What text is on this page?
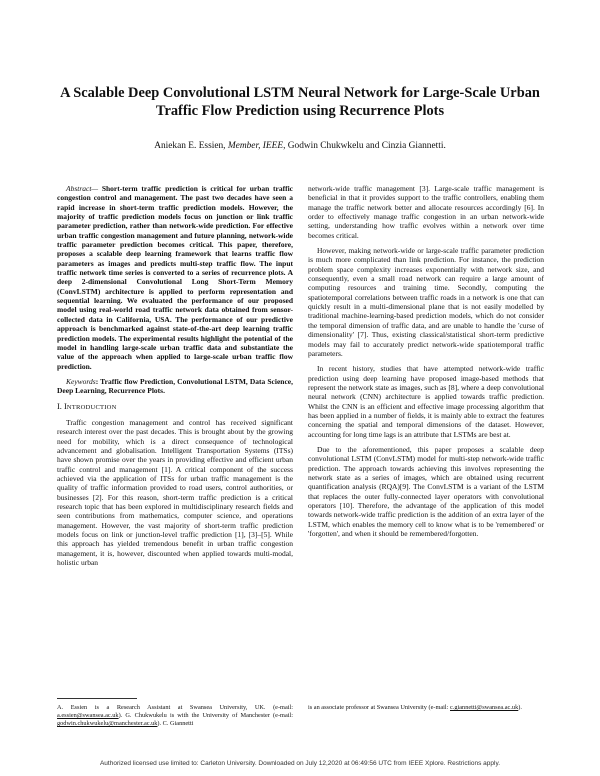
A Scalable Deep Convolutional LSTM Neural Network for Large-Scale Urban Traffic Flow Prediction using Recurrence Plots
Aniekan E. Essien, Member, IEEE, Godwin Chukwkelu and Cinzia Giannetti.

Abstract— Short-term traffic prediction is critical for urban traffic congestion control and management. The past two decades have seen a rapid increase in short-term traffic prediction models. However, the majority of traffic prediction models focus on junction or link traffic parameter prediction, rather than network-wide prediction. For effective urban traffic congestion management and future planning, network-wide traffic parameter prediction becomes critical. This paper, therefore, proposes a scalable deep learning framework that learns traffic flow parameters as images and predicts multi-step traffic flow. The input traffic network time series is converted to a series of recurrence plots. A deep 2-dimensional Convolutional Long Short-Term Memory (ConvLSTM) architecture is applied to perform representation and sequential learning. We evaluated the performance of our proposed model using real-world road traffic network data obtained from sensor-collected data in California, USA. The performance of our predictive approach is benchmarked against state-of-the-art deep learning traffic prediction models. The experimental results highlight the potential of the model in handling large-scale urban traffic data and substantiate the value of the approach when applied to large-scale urban traffic flow prediction.

Keywords: Traffic flow Prediction, Convolutional LSTM, Data Science, Deep Learning, Recurrence Plots.

I. INTRODUCTION

Traffic congestion management and control has received significant research interest over the past decades. This is brought about by the growing need for mobility, which is a direct consequence of technological advancement and globalisation. Intelligent Transportation Systems (ITSs) have shown promise over the years in providing effective and efficient urban traffic control and management [1]. A critical component of the success achieved via the application of ITSs for urban traffic management is the quality of traffic information provided to road users, control authorities, or businesses [2]. For this reason, short-term traffic prediction is a critical research topic that has been explored in multidisciplinary research fields and seen contributions from mathematics, computer science, and operations management. However, the vast majority of short-term traffic prediction models focus on link or junction-level traffic prediction [1], [3]–[5]. While this approach has yielded tremendous benefit in urban traffic congestion management, it is, however, discounted when applied towards multi-modal, holistic urban

network-wide traffic management [3]. Large-scale traffic management is beneficial in that it provides support to the traffic controllers, enabling them manage the traffic network better and allocate resources accordingly [6]. In order to effectively manage traffic congestion in an urban network-wide setting, understanding how traffic evolves within a network over time becomes critical.

However, making network-wide or large-scale traffic parameter prediction is much more complicated than link prediction. For instance, the prediction problem space complexity increases exponentially with network size, and consequently, even a small road network can require a large amount of computing resources and training time. Secondly, computing the spatiotemporal correlations between traffic roads in a network is one that can quickly result in a multi-dimensional plane that is not easily modelled by traditional machine-learning-based prediction models, which do not consider the temporal dimension of traffic data, and are unable to handle the 'curse of dimensionality' [7]. Thus, existing classical/statistical short-term predictive models may fail to accurately predict network-wide spatiotemporal traffic parameters.

In recent history, studies that have attempted network-wide traffic prediction using deep learning have proposed image-based methods that represent the network state as images, such as [8], where a deep convolutional neural network (CNN) architecture is applied towards traffic prediction. Whilst the CNN is an efficient and effective image processing algorithm that has been applied in a number of fields, it is mainly able to extract the features concerning the spatial and temporal dimensions of the dataset. However, accounting for long time lags is an attribute that LSTMs are best at.

Due to the aforementioned, this paper proposes a scalable deep convolutional LSTM (ConvLSTM) model for multi-step network-wide traffic prediction. The approach towards achieving this involves representing the network state as a series of images, which are obtained using recurrent quantification analysis (RQA)[9]. The ConvLSTM is a variant of the LSTM that replaces the outer fully-connected layer operators with convolutional operators [10]. Therefore, the advantage of the application of this model towards network-wide traffic prediction is the addition of an extra layer of the LSTM, which enables the memory cell to know what is to be 'remembered' or 'forgotten', and when it should be remembered/forgotten.

A. Essien is a Research Assistant at Swansea University, UK. (e-mail: a.essien@swansea.ac.uk). G. Chukwukelu is with the University of Manchester (e-mail: godwin.chukwukelu@manchester.ac.uk). C. Giannetti
is an associate professor at Swansea University (e-mail: c.giannetti@swansea.ac.uk).
Authorized licensed use limited to: Carleton University. Downloaded on July 12,2020 at 06:49:56 UTC from IEEE Xplore. Restrictions apply.
